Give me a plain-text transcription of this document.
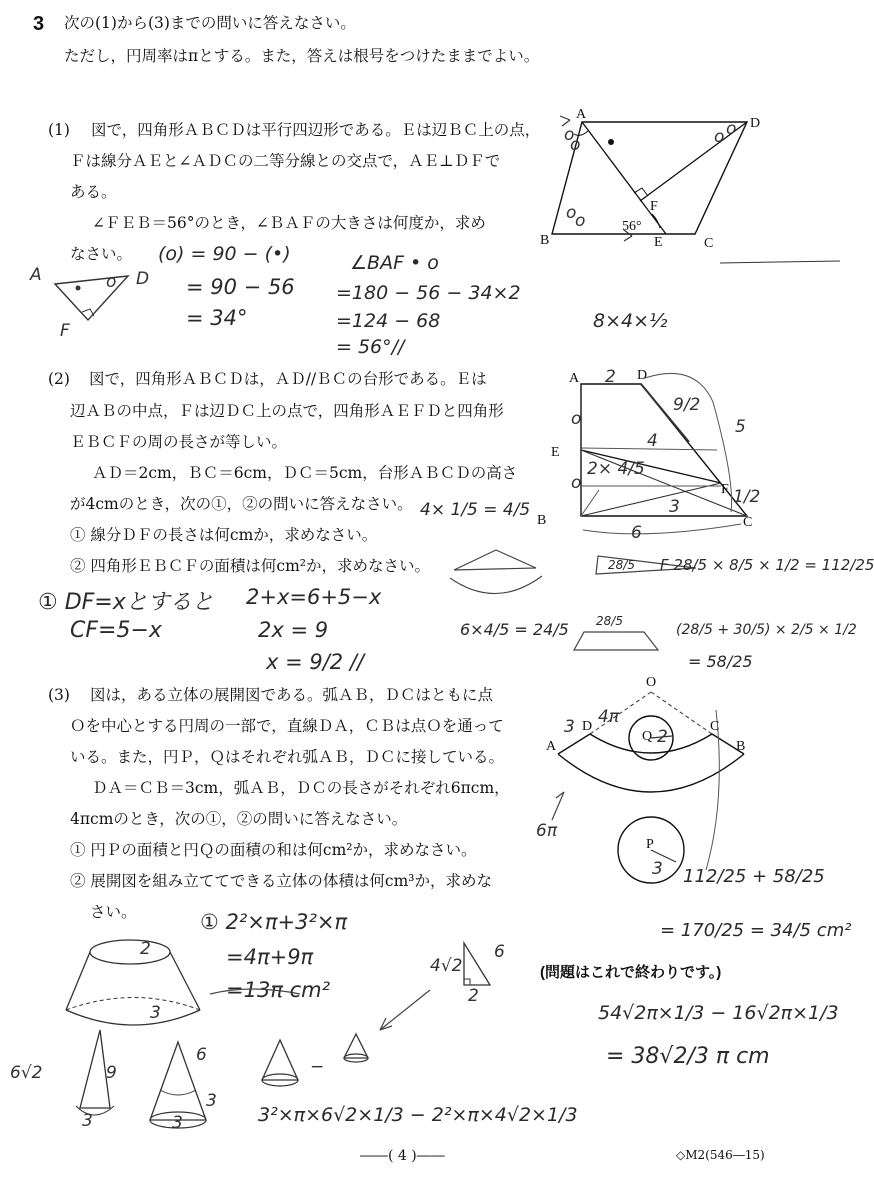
3 次の(1)から(3)までの問いに答えなさい。
ただし，円周率はπとする。また，答えは根号をつけたままでよい。
(1) 図で，四角形ＡＢＣＤは平行四辺形である。Ｅは辺ＢＣ上の点，
Ｆは線分ＡＥと∠ＡＤＣの二等分線との交点で，ＡＥ⊥ＤＦで
ある。
∠ＦＥＢ＝56°のとき，∠ＢＡＦの大きさは何度か，求め
なさい。
o
o	o o
o
o
A
D
B	C
E
F
56°
o
A	D
F
(o) = 90 − (•)
= 90 − 56
= 34°
∠BAF • o
=180 − 56 − 34×2
=124 − 68
= 56°//
8×4×½
(2) 図で，四角形ＡＢＣＤは，ＡＤ//ＢＣの台形である。Ｅは
辺ＡＢの中点，Ｆは辺ＤＣ上の点で，四角形ＡＥＦＤと四角形
ＥＢＣＦの周の長さが等しい。
ＡＤ＝2cm，ＢＣ＝6cm，ＤＣ＝5cm，台形ＡＢＣＤの高さ
が4cmのとき，次の①，②の問いに答えなさい。
① 線分ＤＦの長さは何cmか，求めなさい。
② 四角形ＥＢＣＦの面積は何cm²か，求めなさい。
o
o
A	D
E
F
B	C
2
9/2
4
2× 4/5
3	1/2
6
5
4× 1/5 = 4/5
① DF=xとすると
CF=5−x
2+x=6+5−x
2x = 9
x = 9/2 //
6×4/5 = 24/5
28/5
28/5
F 28/5 × 8/5 × 1/2 = 112/25
(28/5 + 30/5) × 2/5 × 1/2
= 58/25
(3) 図は，ある立体の展開図である。弧ＡＢ，ＤＣはともに点
Ｏを中心とする円周の一部で，直線ＤＡ，ＣＢは点Ｏを通って
いる。また，円Ｐ，Ｑはそれぞれ弧ＡＢ，ＤＣに接している。
ＤＡ＝ＣＢ＝3cm，弧ＡＢ，ＤＣの長さがそれぞれ6πcm，
4πcmのとき，次の①，②の問いに答えなさい。
① 円Ｐの面積と円Ｑの面積の和は何cm²か，求めなさい。
② 展開図を組み立ててできる立体の体積は何cm³か，求めな
さい。
O
D	C
A	B
Q
P
3 4π
2
6π
3 112/25 + 58/25
= 170/25 = 34/5 cm²
① 2²×π+3²×π
=4π+9π
=13π cm²
2
3
−
6√2	9
3
6
3
3
4√2
6
2
3²×π×6√2×1/3 − 2²×π×4√2×1/3
(問題はこれで終わりです。)
54√2π×1/3 − 16√2π×1/3
= 38√2/3 π cm
――( 4 )――	◇M2(546―15)
